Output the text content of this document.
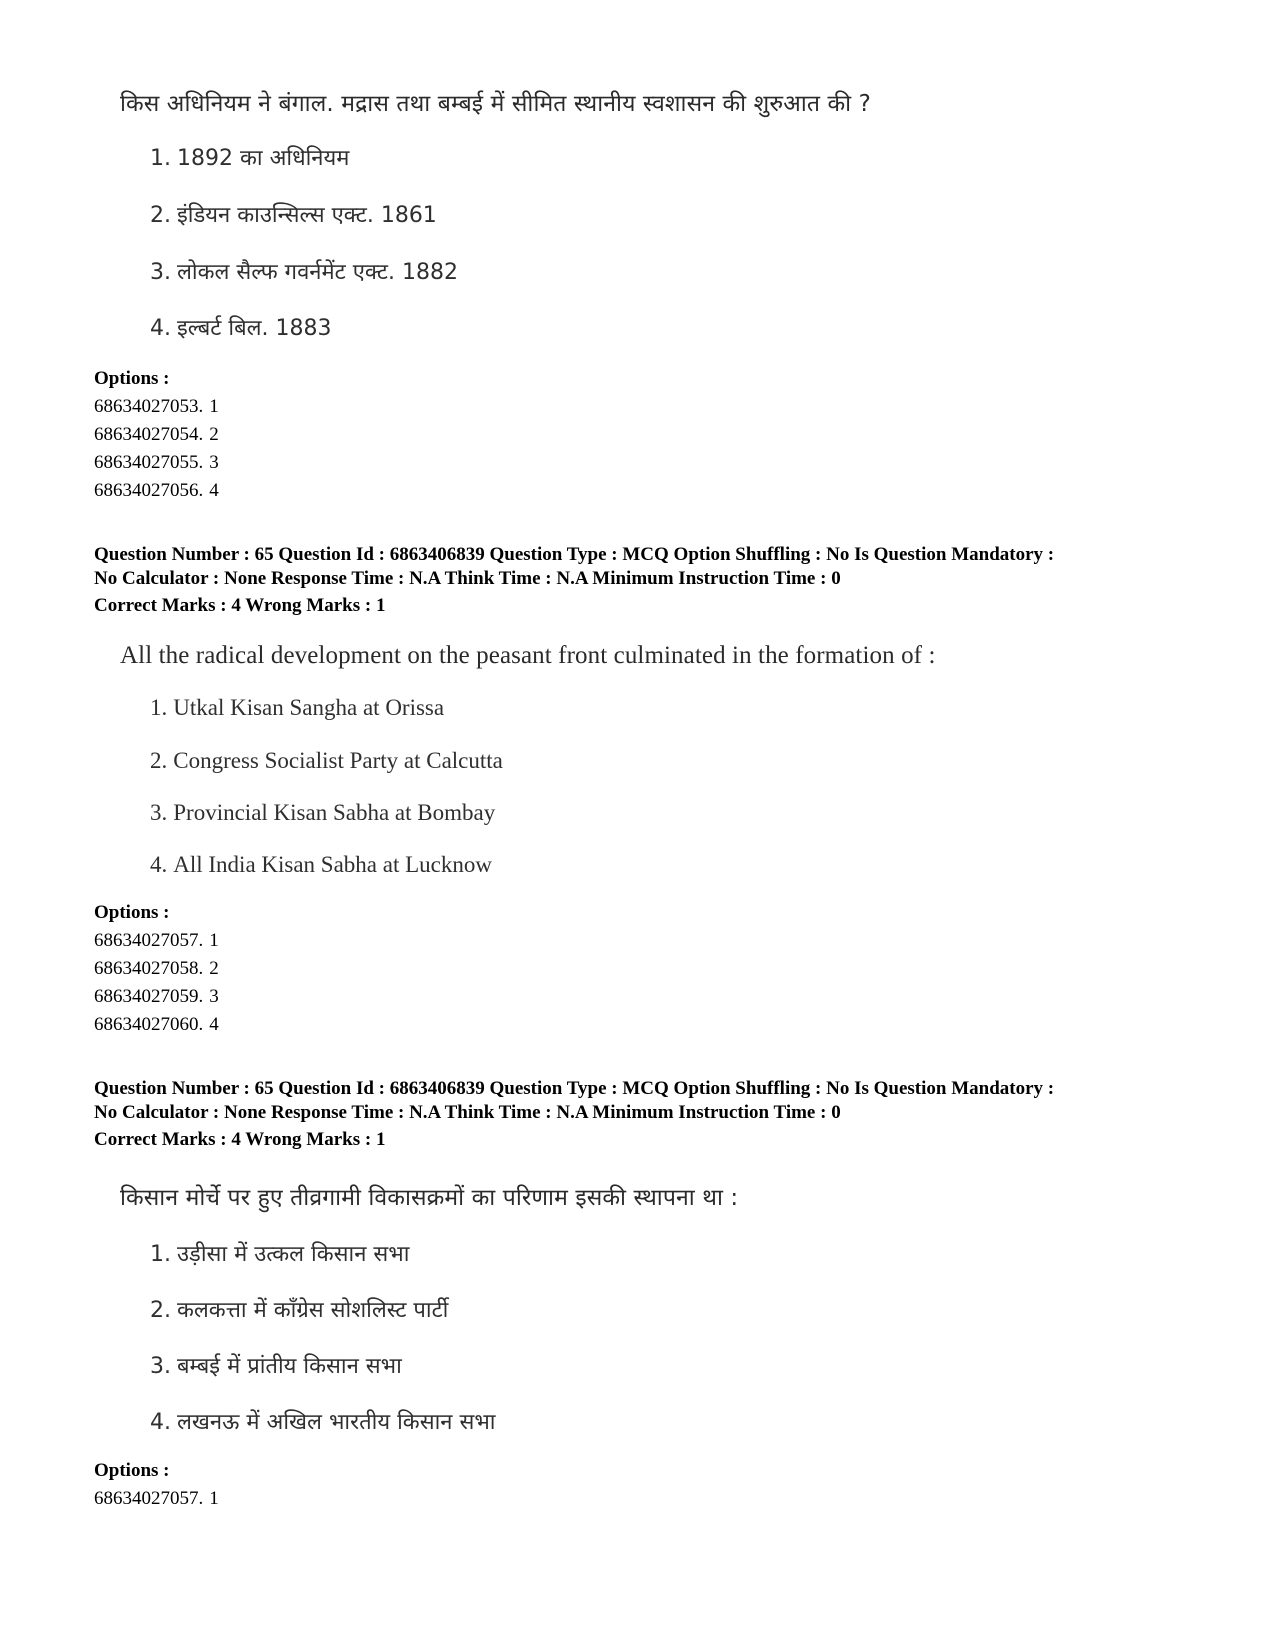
किस अधिनियम ने बंगाल. मद्रास तथा बम्बई में सीमित स्थानीय स्वशासन की शुरुआत की ?
1. 1892 का अधिनियम
2. इंडियन काउन्सिल्स एक्ट. 1861
3. लोकल सैल्फ गवर्नमेंट एक्ट. 1882
4. इल्बर्ट बिल. 1883
Options :
68634027053. 1
68634027054. 2
68634027055. 3
68634027056. 4
Question Number : 65 Question Id : 6863406839 Question Type : MCQ Option Shuffling : No Is Question Mandatory :
No Calculator : None Response Time : N.A Think Time : N.A Minimum Instruction Time : 0
Correct Marks : 4 Wrong Marks : 1
All the radical development on the peasant front culminated in the formation of :
1. Utkal Kisan Sangha at Orissa
2. Congress Socialist Party at Calcutta
3. Provincial Kisan Sabha at Bombay
4. All India Kisan Sabha at Lucknow
Options :
68634027057. 1
68634027058. 2
68634027059. 3
68634027060. 4
Question Number : 65 Question Id : 6863406839 Question Type : MCQ Option Shuffling : No Is Question Mandatory :
No Calculator : None Response Time : N.A Think Time : N.A Minimum Instruction Time : 0
Correct Marks : 4 Wrong Marks : 1
किसान मोर्चे पर हुए तीव्रगामी विकासक्रमों का परिणाम इसकी स्थापना था :
1. उड़ीसा में उत्कल किसान सभा
2. कलकत्ता में कॉंग्रेस सोशलिस्ट पार्टी
3. बम्बई में प्रांतीय किसान सभा
4. लखनऊ में अखिल भारतीय किसान सभा
Options :
68634027057. 1
